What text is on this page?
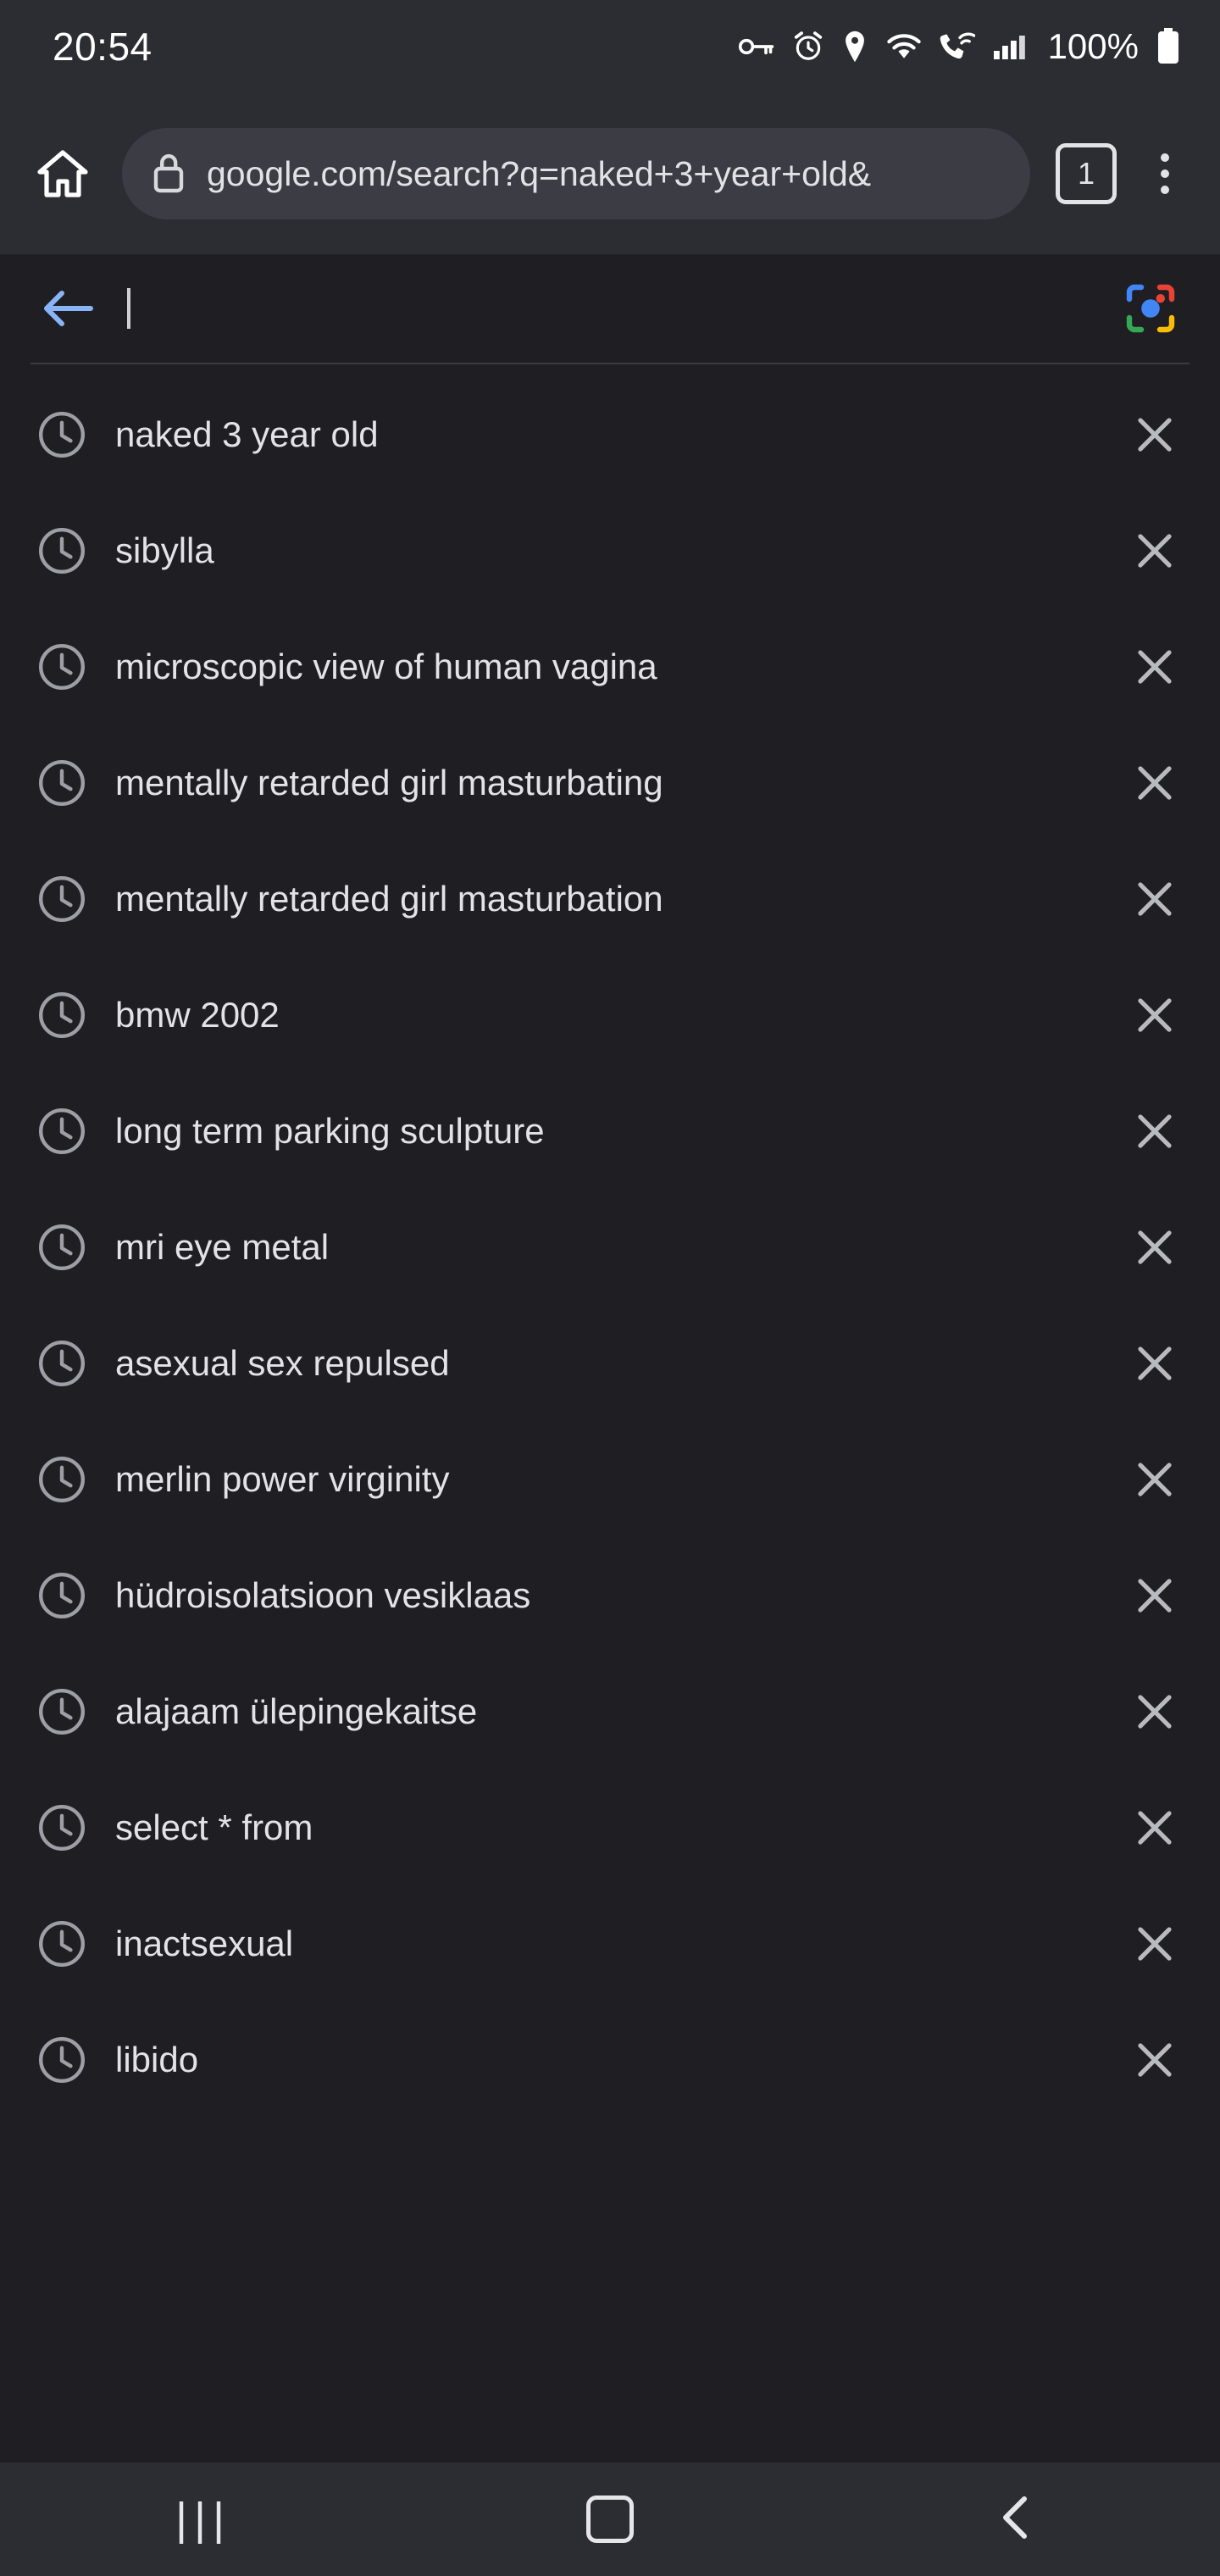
20:54	100%
google.com/search?q=naked+3+year+old&	1
naked 3 year old
sibylla
microscopic view of human vagina
mentally retarded girl masturbating
mentally retarded girl masturbation
bmw 2002
long term parking sculpture
mri eye metal
asexual sex repulsed
merlin power virginity
hüdroisolatsioon vesiklaas
alajaam ülepingekaitse
select * from
inactsexual
libido
|||
